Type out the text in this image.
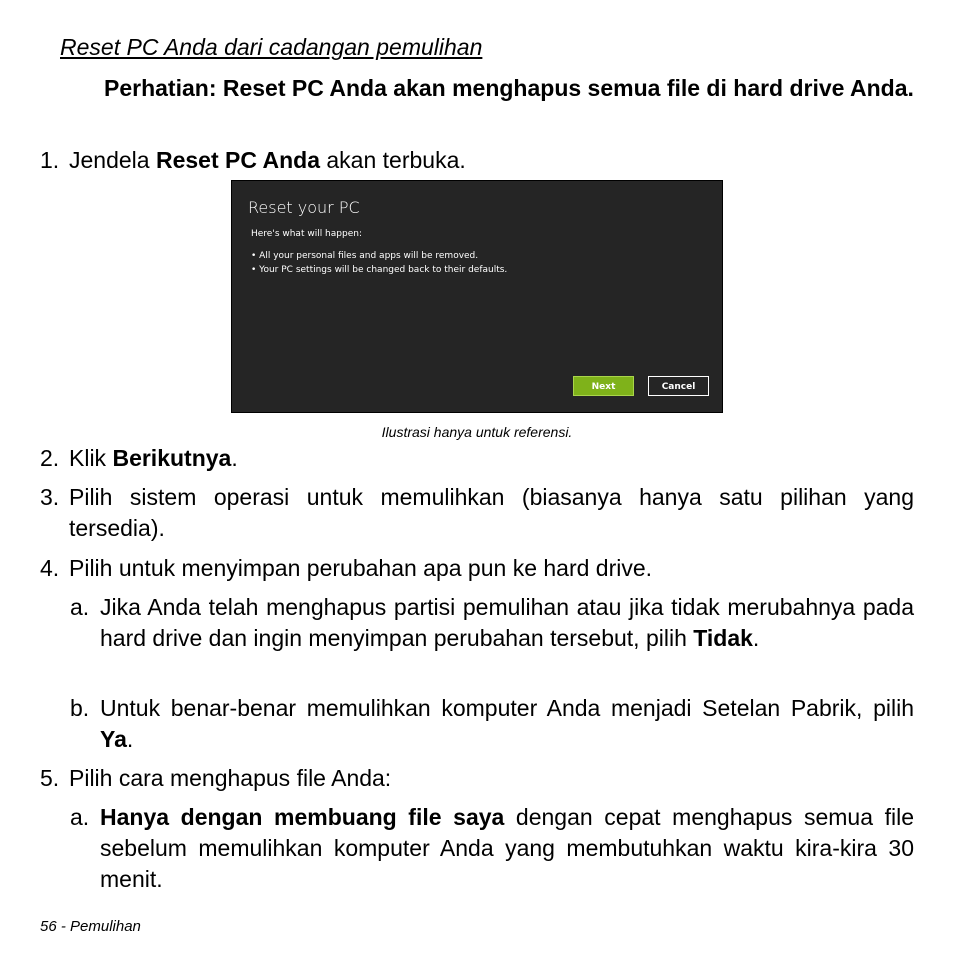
Reset PC Anda dari cadangan pemulihan
Perhatian: Reset PC Anda akan menghapus semua file di hard drive Anda.
1. Jendela Reset PC Anda akan terbuka.
Reset your PC
Here's what will happen:
• All your personal files and apps will be removed.
• Your PC settings will be changed back to their defaults.
Next	Cancel
Ilustrasi hanya untuk referensi.
2. Klik Berikutnya.
3. Pilih sistem operasi untuk memulihkan (biasanya hanya satu pilihan yang tersedia).
4. Pilih untuk menyimpan perubahan apa pun ke hard drive.
a. Jika Anda telah menghapus partisi pemulihan atau jika tidak merubahnya pada hard drive dan ingin menyimpan perubahan tersebut, pilih Tidak.
b. Untuk benar-benar memulihkan komputer Anda menjadi Setelan Pabrik, pilih Ya.
5. Pilih cara menghapus file Anda:
a. Hanya dengan membuang file saya dengan cepat menghapus semua file sebelum memulihkan komputer Anda yang membutuhkan waktu kira-kira 30 menit.
56 - Pemulihan
